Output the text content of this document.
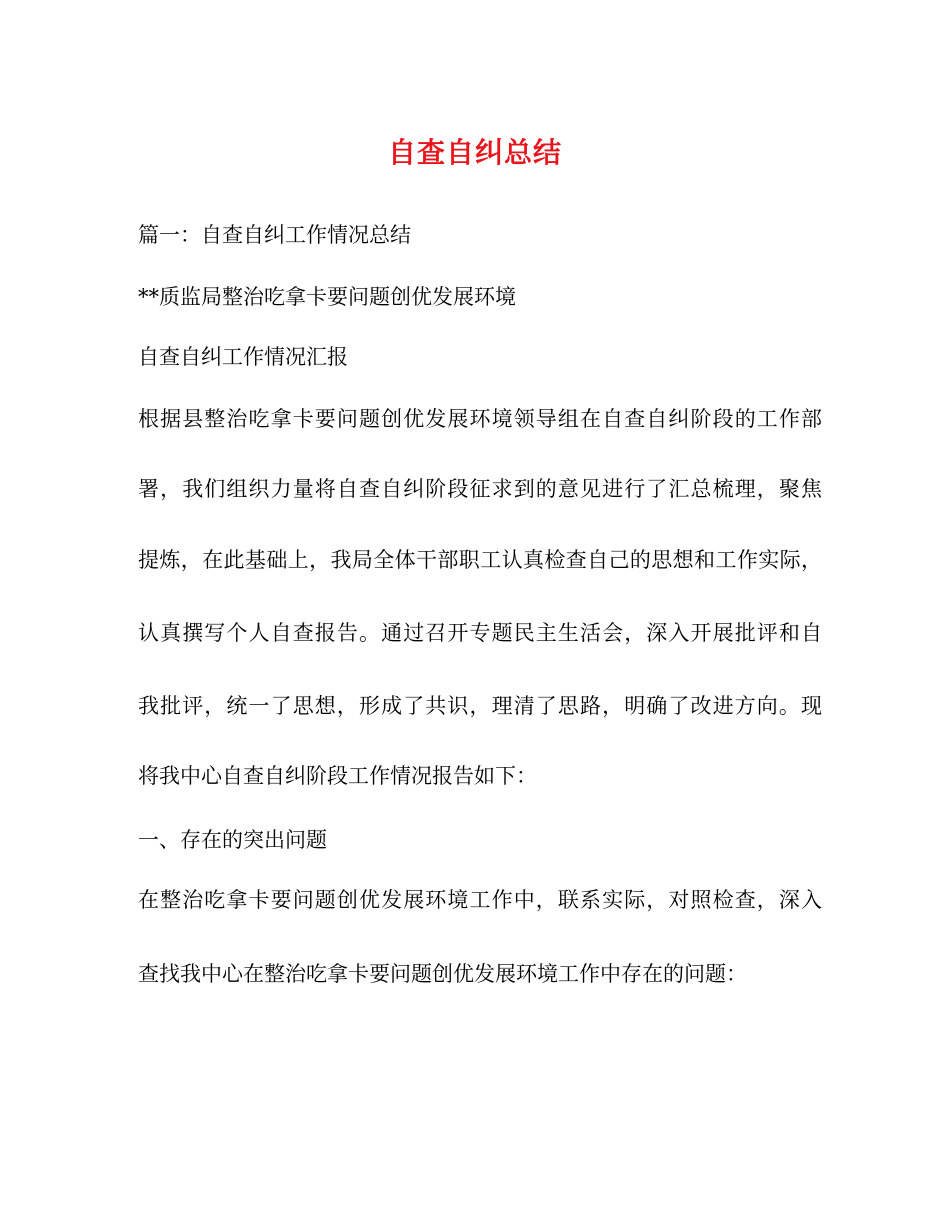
自查自纠总结
篇一：自查自纠工作情况总结
**质监局整治吃拿卡要问题创优发展环境
自查自纠工作情况汇报
根据县整治吃拿卡要问题创优发展环境领导组在自查自纠阶段的工作部
署，我们组织力量将自查自纠阶段征求到的意见进行了汇总梳理，聚焦
提炼，在此基础上，我局全体干部职工认真检查自己的思想和工作实际，
认真撰写个人自查报告。通过召开专题民主生活会，深入开展批评和自
我批评，统一了思想，形成了共识，理清了思路，明确了改进方向。现
将我中心自查自纠阶段工作情况报告如下：
一、存在的突出问题
在整治吃拿卡要问题创优发展环境工作中，联系实际，对照检查，深入
查找我中心在整治吃拿卡要问题创优发展环境工作中存在的问题：
